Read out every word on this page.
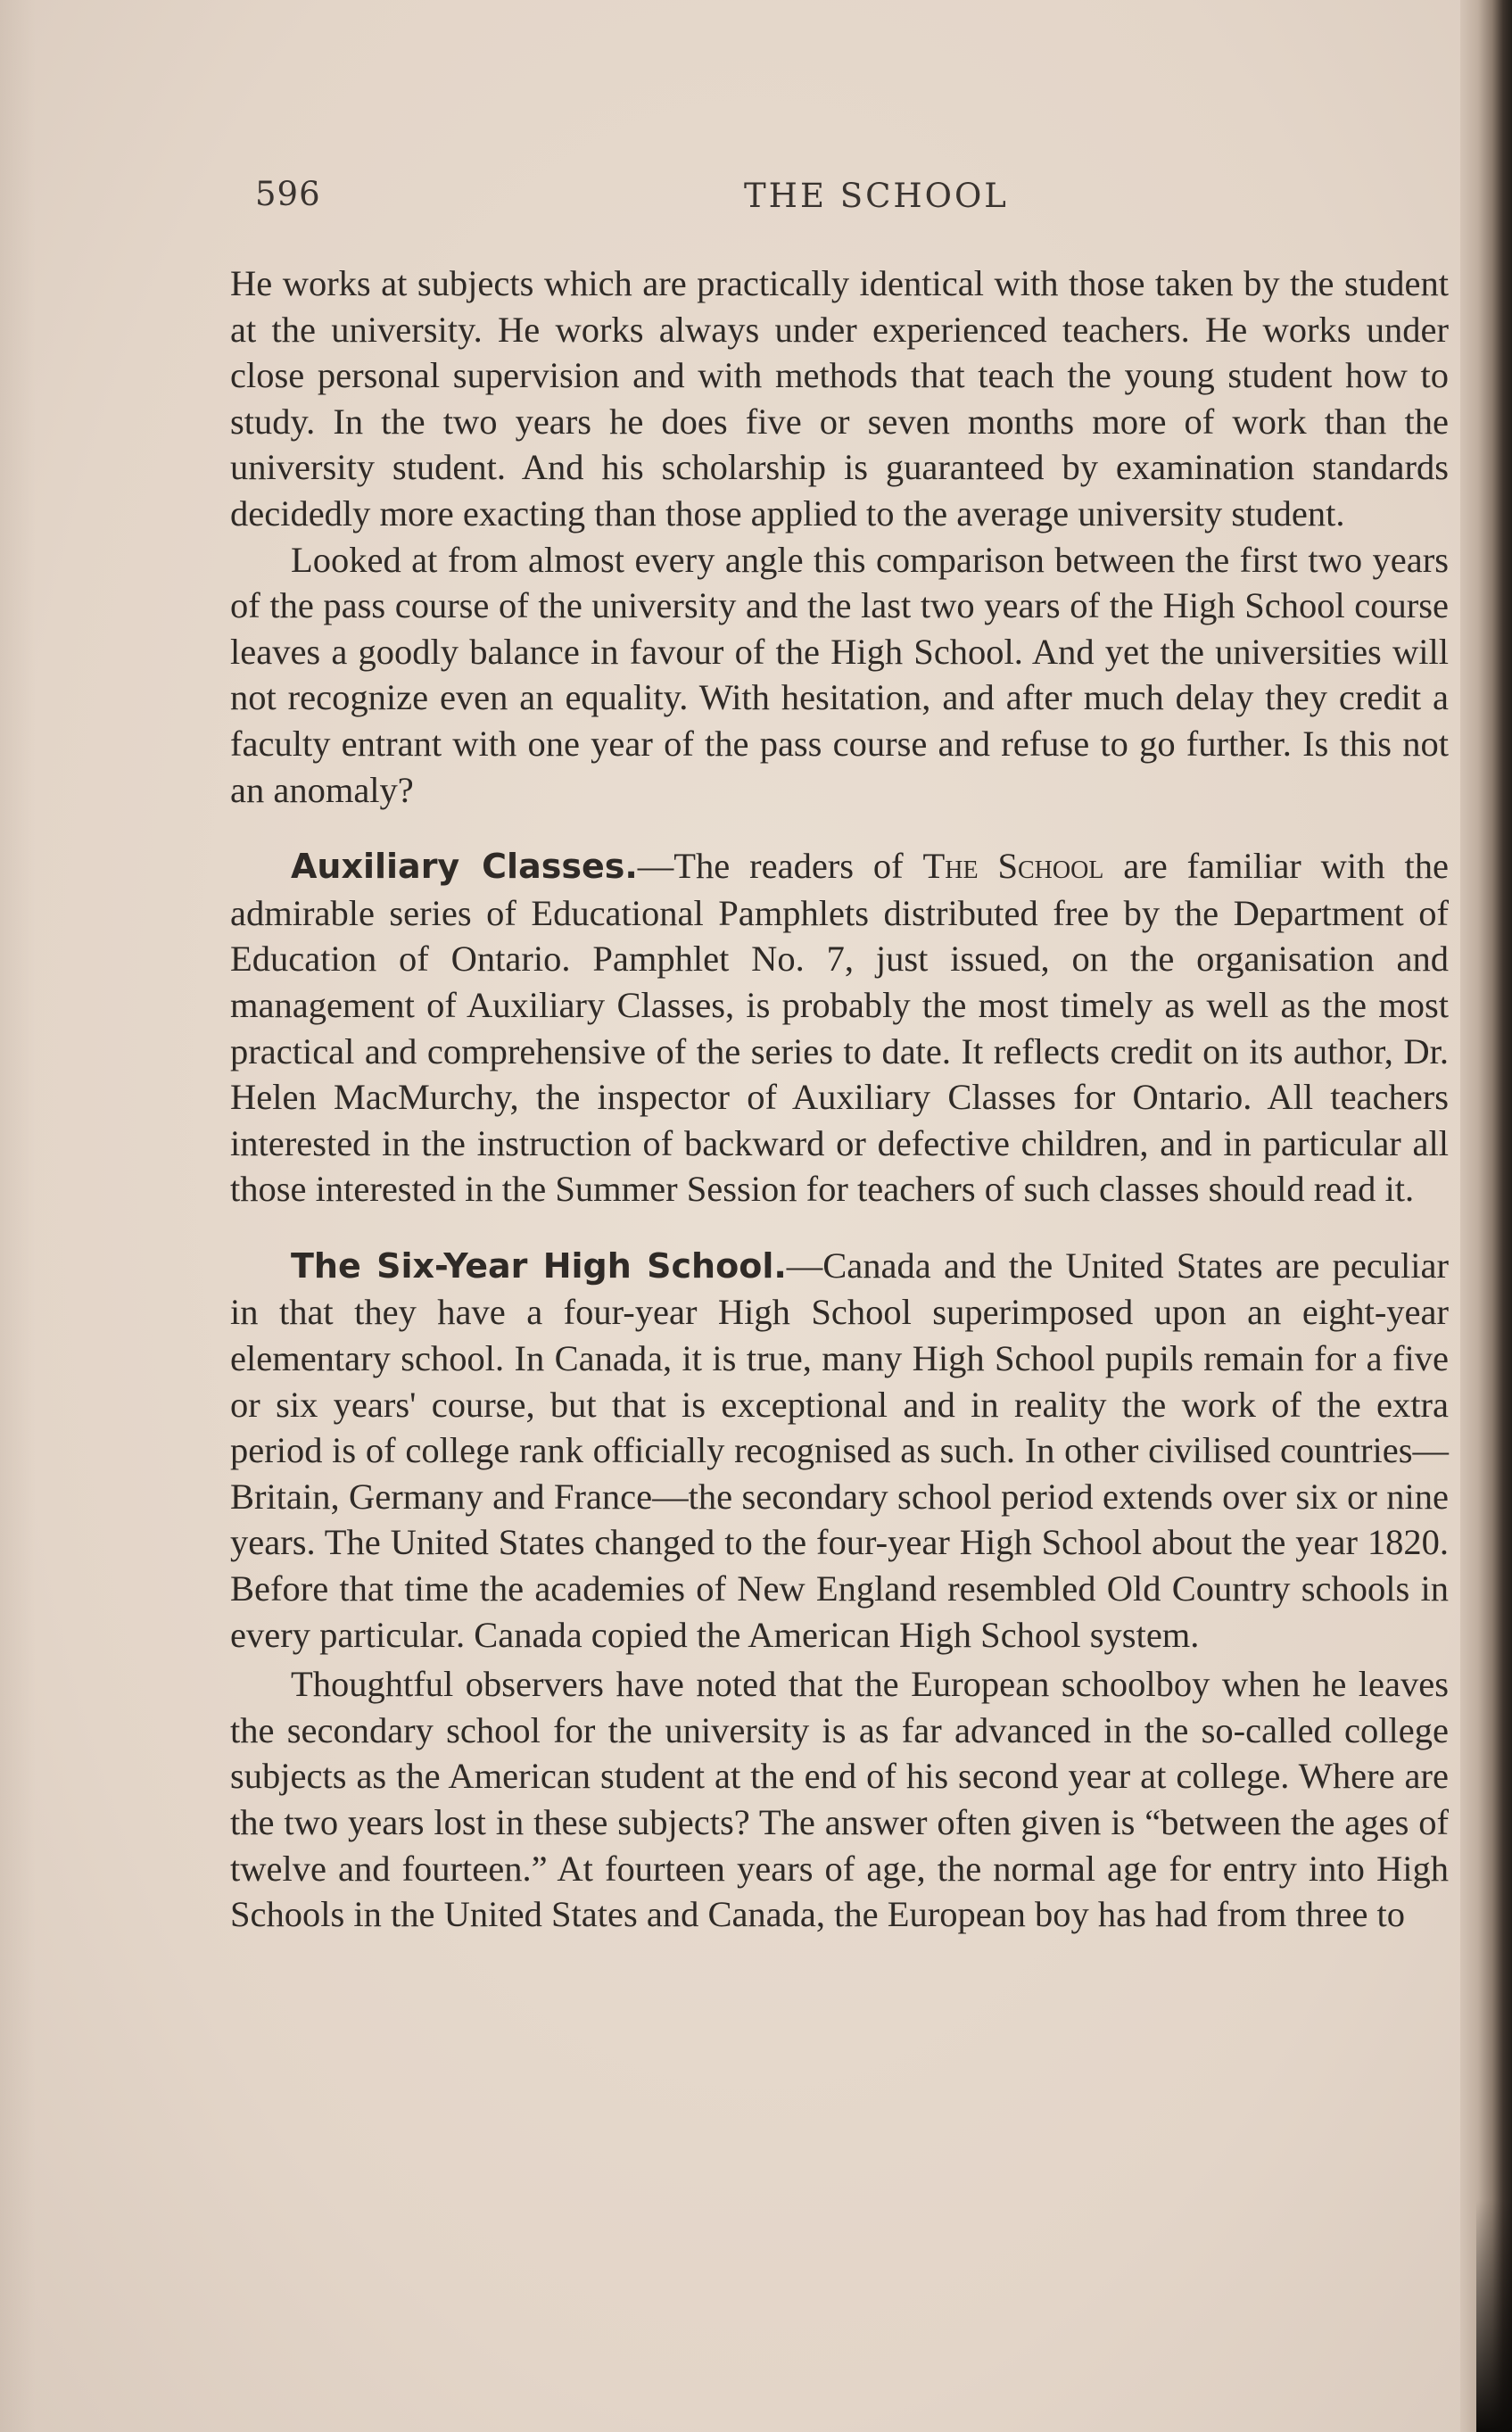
596	THE SCHOOL

He works at subjects which are practically identical with those taken by the student at the university. He works always under experienced teachers. He works under close personal supervision and with methods that teach the young student how to study. In the two years he does five or seven months more of work than the university student. And his scholarship is guaranteed by examination standards decidedly more exacting than those applied to the average university student.

Looked at from almost every angle this comparison between the first two years of the pass course of the university and the last two years of the High School course leaves a goodly balance in favour of the High School. And yet the universities will not recognize even an equality. With hesitation, and after much delay they credit a faculty entrant with one year of the pass course and refuse to go further. Is this not an anomaly?

Auxiliary Classes.—The readers of The School are familiar with the admirable series of Educational Pamphlets distributed free by the Department of Education of Ontario. Pamphlet No. 7, just issued, on the organisation and management of Auxiliary Classes, is probably the most timely as well as the most practical and comprehensive of the series to date. It reflects credit on its author, Dr. Helen MacMurchy, the inspector of Auxiliary Classes for Ontario. All teachers interested in the instruction of backward or defective children, and in particular all those interested in the Summer Session for teachers of such classes should read it.

The Six-Year High School.—Canada and the United States are peculiar in that they have a four-year High School superimposed upon an eight-year elementary school. In Canada, it is true, many High School pupils remain for a five or six years' course, but that is exceptional and in reality the work of the extra period is of college rank officially recognised as such. In other civilised countries—Britain, Germany and France—the secondary school period extends over six or nine years. The United States changed to the four-year High School about the year 1820. Before that time the academies of New England resembled Old Country schools in every particular. Canada copied the American High School system.

Thoughtful observers have noted that the European schoolboy when he leaves the secondary school for the university is as far advanced in the so-called college subjects as the American student at the end of his second year at college. Where are the two years lost in these subjects? The answer often given is “between the ages of twelve and fourteen.” At fourteen years of age, the normal age for entry into High Schools in the United States and Canada, the European boy has had from three to
